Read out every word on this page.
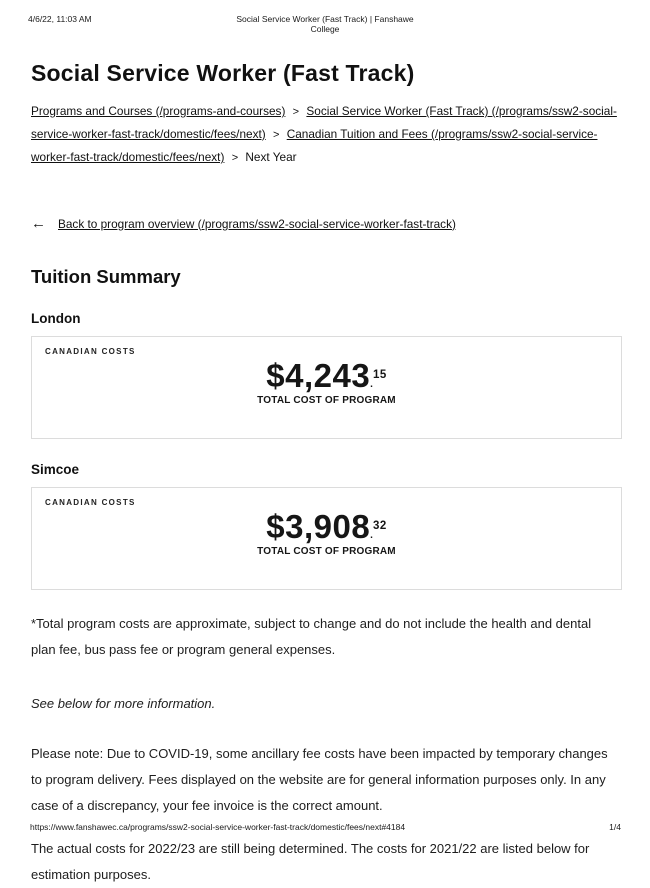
4/6/22, 11:03 AM	Social Service Worker (Fast Track) | Fanshawe College
Social Service Worker (Fast Track)

Programs and Courses (/programs-and-courses) > Social Service Worker (Fast Track) (/programs/ssw2-social-service-worker-fast-track/domestic/fees/next) > Canadian Tuition and Fees (/programs/ssw2-social-service-worker-fast-track/domestic/fees/next) > Next Year

← Back to program overview (/programs/ssw2-social-service-worker-fast-track)
Tuition Summary
London
CANADIAN COSTS
$4,243.15
TOTAL COST OF PROGRAM
Simcoe
CANADIAN COSTS
$3,908.32
TOTAL COST OF PROGRAM

*Total program costs are approximate, subject to change and do not include the health and dental plan fee, bus pass fee or program general expenses.

See below for more information.

Please note: Due to COVID-19, some ancillary fee costs have been impacted by temporary changes to program delivery. Fees displayed on the website are for general information purposes only. In any case of a discrepancy, your fee invoice is the correct amount.

The actual costs for 2022/23 are still being determined. The costs for 2021/22 are listed below for estimation purposes.

https://www.fanshawec.ca/programs/ssw2-social-service-worker-fast-track/domestic/fees/next#4184	1/4
